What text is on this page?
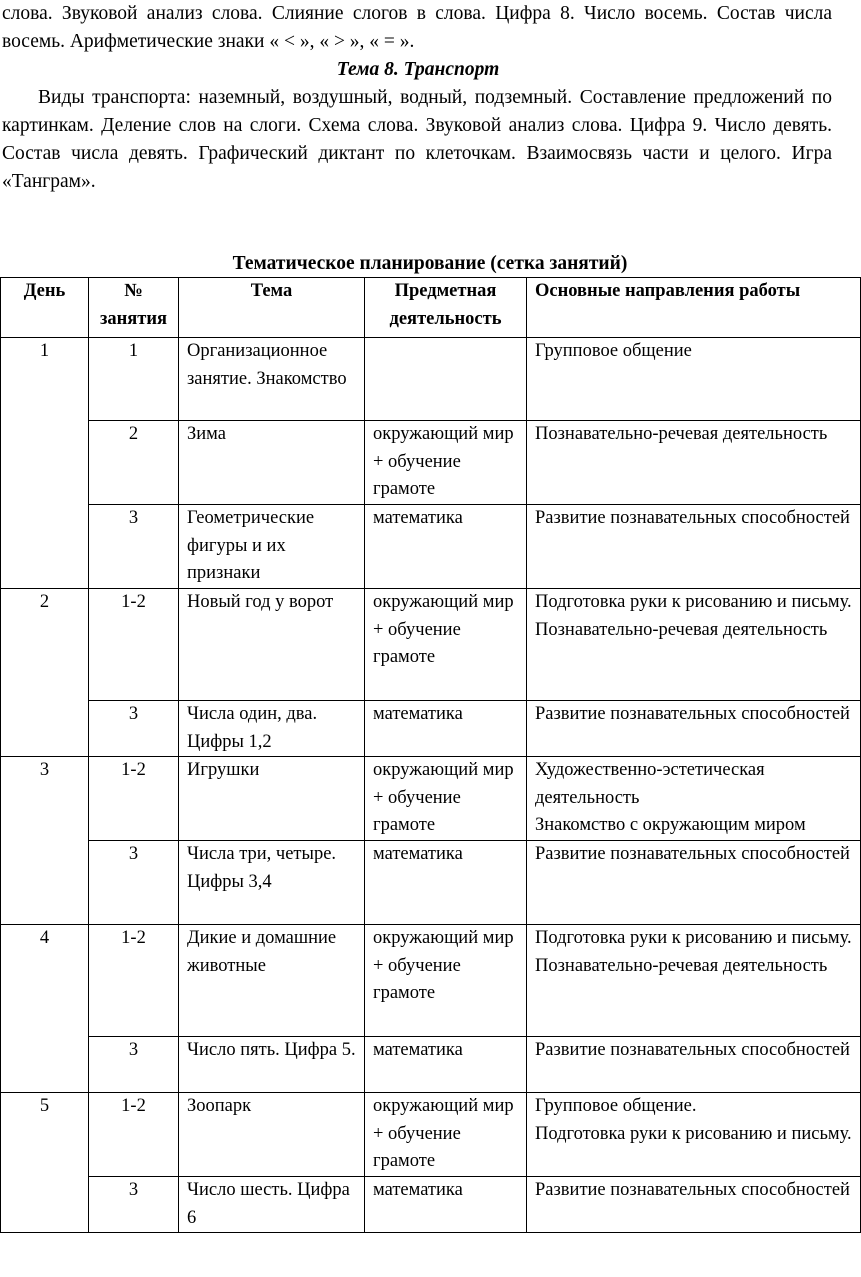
слова. Звуковой анализ слова. Слияние слогов в слова. Цифра 8. Число восемь. Состав числа восемь. Арифметические знаки « < », « > », « = ».
Тема 8. Транспорт
Виды транспорта: наземный, воздушный, водный, подземный. Составление предложений по картинкам. Деление слов на слоги. Схема слова. Звуковой анализ слова. Цифра 9. Число девять. Состав числа девять. Графический диктант по клеточкам. Взаимосвязь части и целого. Игра «Танграм».
Тематическое планирование (сетка занятий)
День	№ занятия	Тема	Предметная деятельность	Основные направления работы
1	1	Организационное занятие. Знакомство		Групповое общение

	2	Зима	окружающий мир + обучение грамоте	Познавательно-речевая деятельность

	3	Геометрические фигуры и их признаки	математика	Развитие познавательных способностей

2	1-2	Новый год у ворот	окружающий мир + обучение грамоте	Подготовка руки к рисованию и письму.
Познавательно-речевая деятельность

	3	Числа один, два. Цифры 1,2	математика	Развитие познавательных способностей

3	1-2	Игрушки	окружающий мир + обучение грамоте	Художественно-эстетическая деятельность
Знакомство с окружающим миром

	3	Числа три, четыре. Цифры 3,4	математика	Развитие познавательных способностей

4	1-2	Дикие и домашние животные	окружающий мир + обучение грамоте	Подготовка руки к рисованию и письму.
Познавательно-речевая деятельность

	3	Число пять. Цифра 5.	математика	Развитие познавательных способностей

5	1-2	Зоопарк	окружающий мир + обучение грамоте	Групповое общение.
Подготовка руки к рисованию и письму.

	3	Число шесть. Цифра 6	математика	Развитие познавательных способностей
